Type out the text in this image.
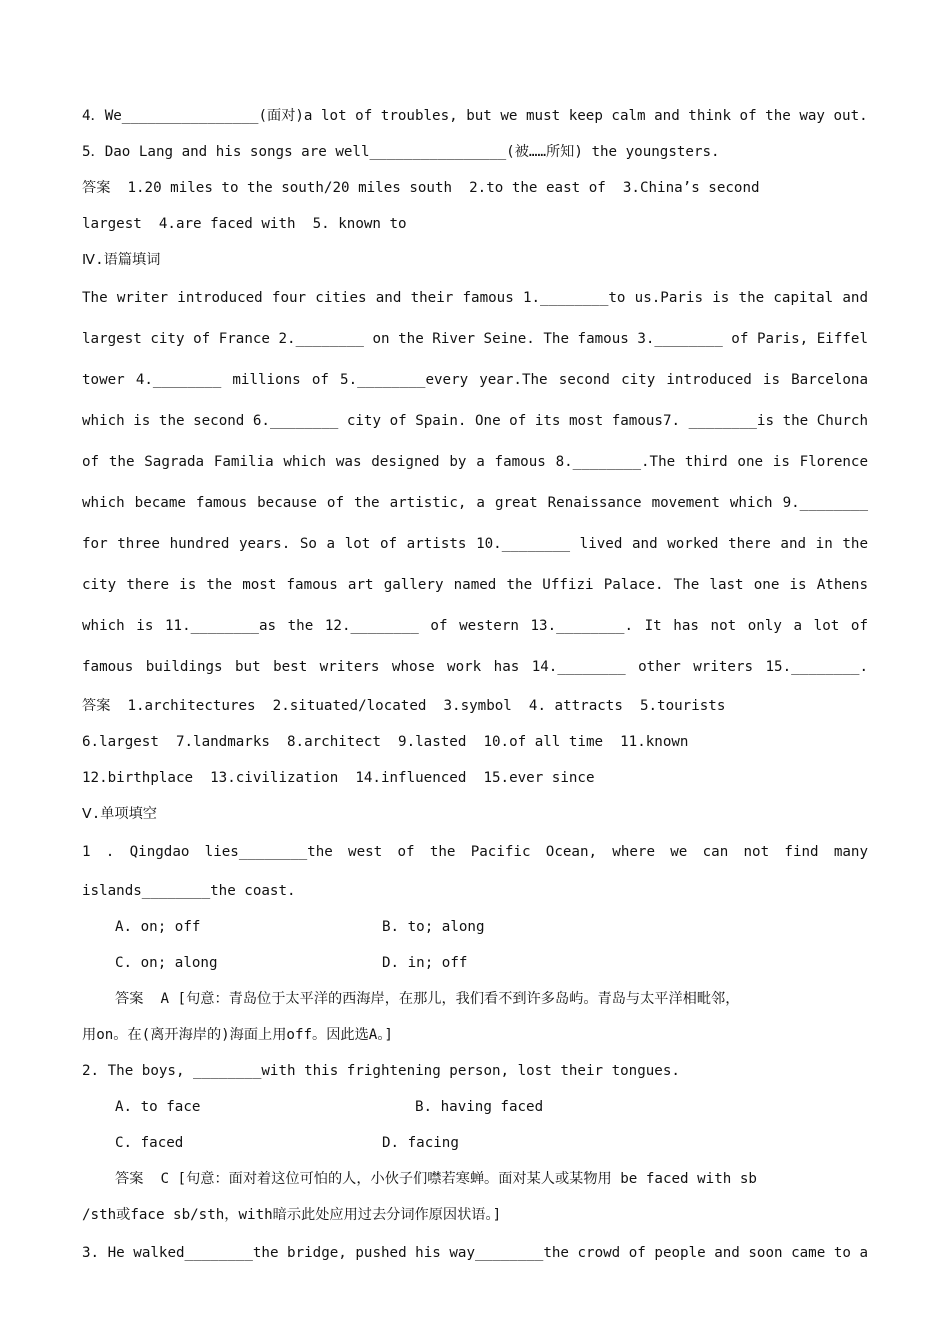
4．We________________(面对)a lot of troubles, but we must keep calm and think of the way out.
5．Dao Lang and his songs are well________________(被……所知) the youngsters.
答案  1.20 miles to the south/20 miles south  2.to the east of  3.China’s second
largest  4.are faced with  5. known to
Ⅳ.语篇填词
The writer introduced four cities and their famous 1.________to us.Paris is the capital and
largest city of France 2.________ on the River Seine. The famous 3.________ of Paris, Eiffel
tower 4.________ millions of 5.________every year.The second city introduced is Barcelona
which is the second 6.________ city of Spain. One of its most famous7. ________is the Church
of the Sagrada Familia which was designed by a famous 8.________.The third one is Florence
which became famous because of the artistic, a great Renaissance movement which 9.________
for three hundred years. So a lot of artists 10.________ lived and worked there and in the
city there is the most famous art gallery named the Uffizi Palace. The last one is Athens
which is 11.________as the 12.________ of western 13.________. It has not only a lot of
famous buildings but best writers whose work has 14.________ other writers 15.________.
答案  1.architectures  2.situated/located  3.symbol  4. attracts  5.tourists
6.largest  7.landmarks  8.architect  9.lasted  10.of all time  11.known
12.birthplace  13.civilization  14.influenced  15.ever since
Ⅴ.单项填空
1 . Qingdao lies________the west of the Pacific Ocean, where we can not find many
islands________the coast.
A. on; off	B. to; along
C. on; along	D. in; off
答案  A [句意：青岛位于太平洋的西海岸，在那儿，我们看不到许多岛屿。青岛与太平洋相毗邻，
用on。在(离开海岸的)海面上用off。因此选A。]
2. The boys, ________with this frightening person, lost their tongues.
A. to face	B. having faced
C. faced	D. facing
答案  C [句意：面对着这位可怕的人，小伙子们噤若寒蝉。面对某人或某物用 be faced with sb
/sth或face sb/sth，with暗示此处应用过去分词作原因状语。]
3. He walked________the bridge, pushed his way________the crowd of people and soon came to a
